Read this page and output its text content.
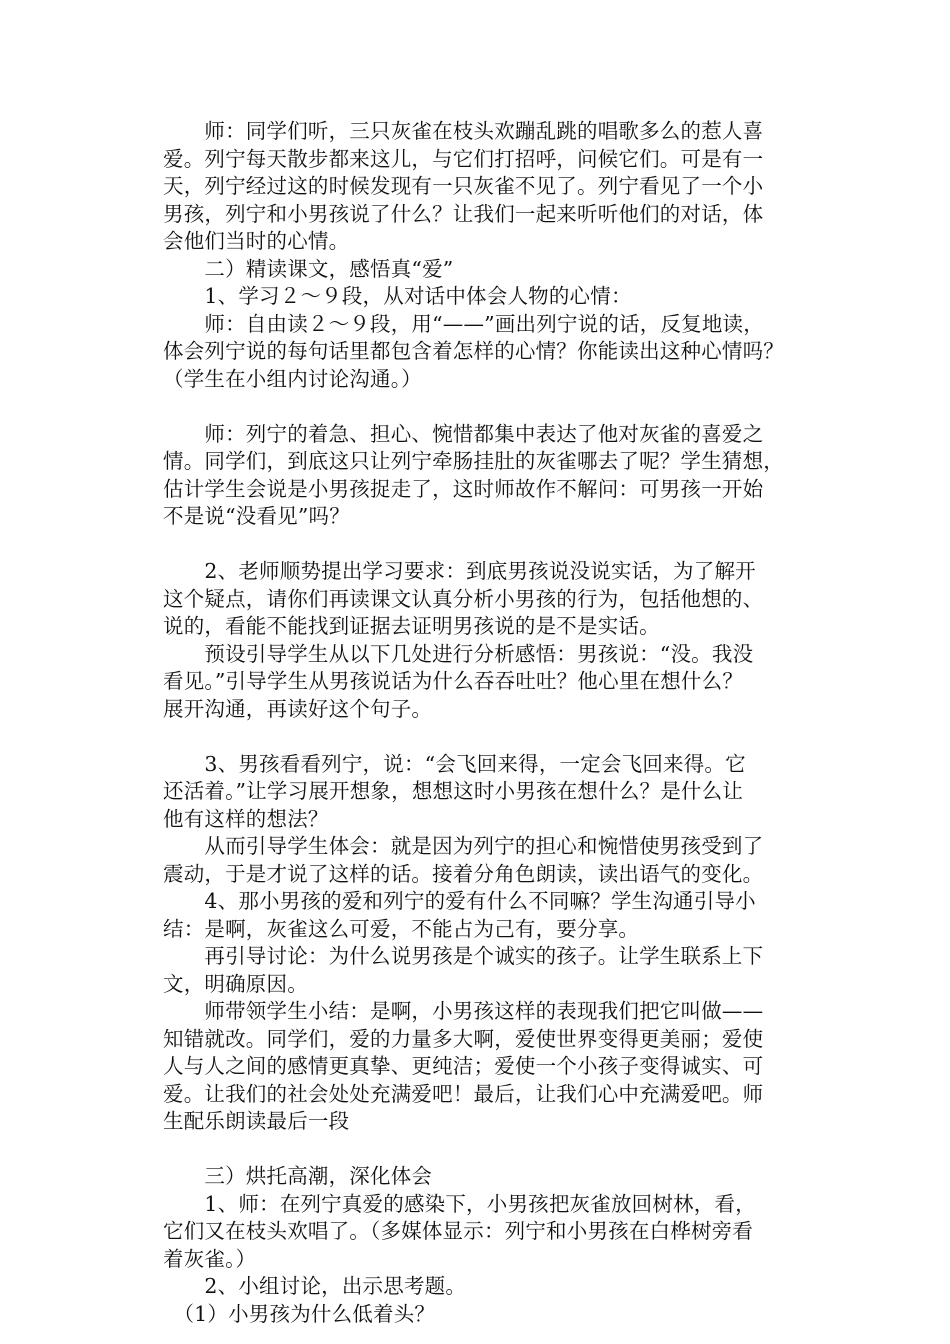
　　师：同学们听，三只灰雀在枝头欢蹦乱跳的唱歌多么的惹人喜
爱。列宁每天散步都来这儿，与它们打招呼，问候它们。可是有一
天，列宁经过这的时候发现有一只灰雀不见了。列宁看见了一个小
男孩，列宁和小男孩说了什么？让我们一起来听听他们的对话，体
会他们当时的心情。
　　二）精读课文，感悟真“爱”
　　1、学习２～９段，从对话中体会人物的心情：
　　师：自由读２～９段，用“——”画出列宁说的话，反复地读，
体会列宁说的每句话里都包含着怎样的心情？你能读出这种心情吗？
（学生在小组内讨论沟通。）
　　师：列宁的着急、担心、惋惜都集中表达了他对灰雀的喜爱之
情。同学们，到底这只让列宁牵肠挂肚的灰雀哪去了呢？学生猜想，
估计学生会说是小男孩捉走了，这时师故作不解问：可男孩一开始
不是说“没看见”吗？
　　2、老师顺势提出学习要求：到底男孩说没说实话，为了解开
这个疑点，请你们再读课文认真分析小男孩的行为，包括他想的、
说的，看能不能找到证据去证明男孩说的是不是实话。
　　预设引导学生从以下几处进行分析感悟：男孩说：“没。我没
看见。”引导学生从男孩说话为什么吞吞吐吐？他心里在想什么？
展开沟通，再读好这个句子。
　　3、男孩看看列宁，说：“会飞回来得，一定会飞回来得。它
还活着。”让学习展开想象，想想这时小男孩在想什么？是什么让
他有这样的想法？
　　从而引导学生体会：就是因为列宁的担心和惋惜使男孩受到了
震动，于是才说了这样的话。接着分角色朗读，读出语气的变化。
　　4、那小男孩的爱和列宁的爱有什么不同嘛？学生沟通引导小
结：是啊，灰雀这么可爱，不能占为己有，要分享。
　　再引导讨论：为什么说男孩是个诚实的孩子。让学生联系上下
文，明确原因。
　　师带领学生小结：是啊，小男孩这样的表现我们把它叫做——
知错就改。同学们，爱的力量多大啊，爱使世界变得更美丽；爱使
人与人之间的感情更真挚、更纯洁；爱使一个小孩子变得诚实、可
爱。让我们的社会处处充满爱吧！最后，让我们心中充满爱吧。师
生配乐朗读最后一段
　　三）烘托高潮，深化体会
　　1、师：在列宁真爱的感染下，小男孩把灰雀放回树林，看，
它们又在枝头欢唱了。（多媒体显示：列宁和小男孩在白桦树旁看
着灰雀。）
　　2、小组讨论，出示思考题。
　（1）小男孩为什么低着头？
